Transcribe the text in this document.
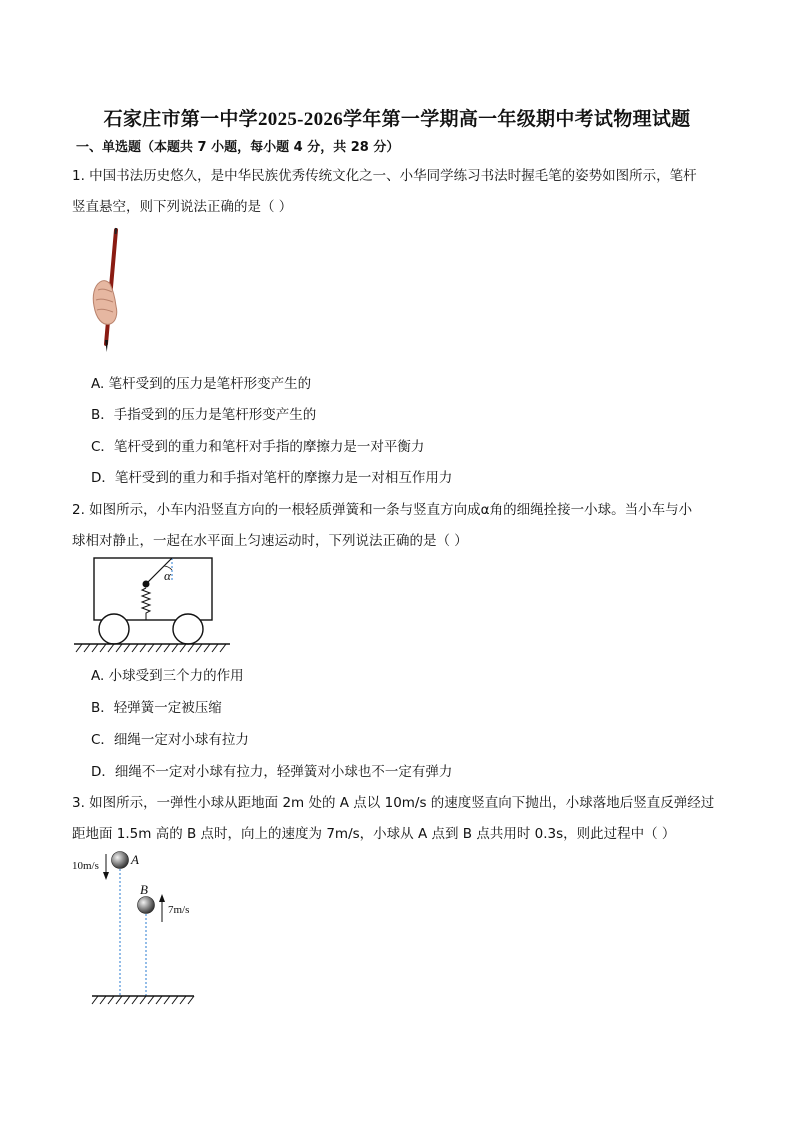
石家庄市第一中学2025-2026学年第一学期高一年级期中考试物理试题
一、单选题（本题共 7 小题，每小题 4 分，共 28 分）
1. 中国书法历史悠久，是中华民族优秀传统文化之一、小华同学练习书法时握毛笔的姿势如图所示，笔杆
竖直悬空，则下列说法正确的是（ ）
A. 笔杆受到的压力是笔杆形变产生的
B．手指受到的压力是笔杆形变产生的
C．笔杆受到的重力和笔杆对手指的摩擦力是一对平衡力
D．笔杆受到的重力和手指对笔杆的摩擦力是一对相互作用力
2. 如图所示，小车内沿竖直方向的一根轻质弹簧和一条与竖直方向成α角的细绳拴接一小球。当小车与小
球相对静止，一起在水平面上匀速运动时，下列说法正确的是（ ）
α
A. 小球受到三个力的作用
B．轻弹簧一定被压缩
C．细绳一定对小球有拉力
D．细绳不一定对小球有拉力，轻弹簧对小球也不一定有弹力
3. 如图所示，一弹性小球从距地面 2m 处的 A 点以 10m/s 的速度竖直向下抛出，小球落地后竖直反弹经过
距地面 1.5m 高的 B 点时，向上的速度为 7m/s，小球从 A 点到 B 点共用时 0.3s，则此过程中（ ）
10m/s A
B
7m/s
